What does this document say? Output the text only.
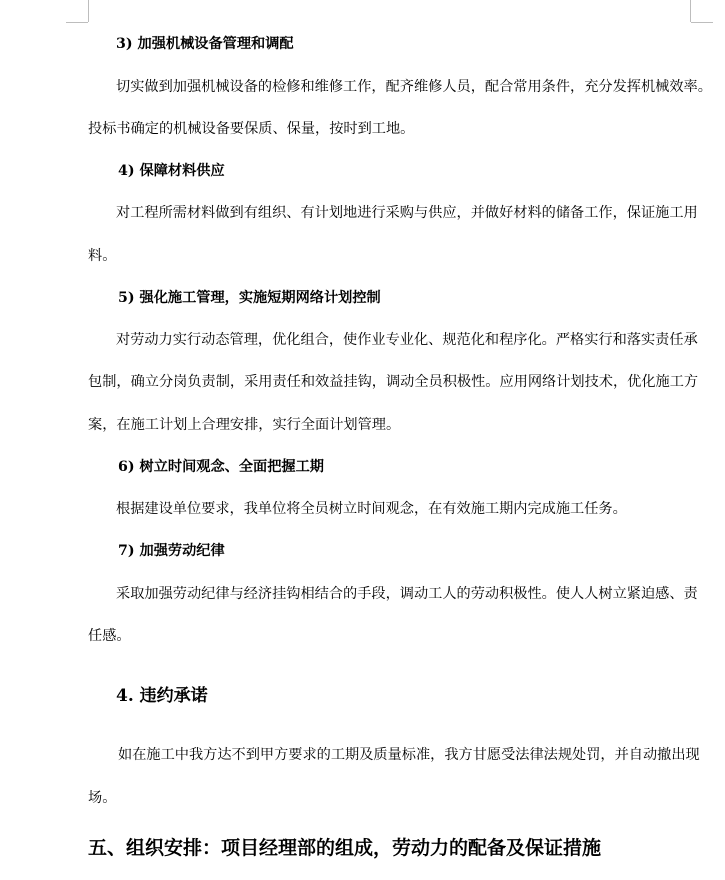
3) 加强机械设备管理和调配
切实做到加强机械设备的检修和维修工作，配齐维修人员，配合常用条件，充分发挥机械效率。
投标书确定的机械设备要保质、保量，按时到工地。
4) 保障材料供应
对工程所需材料做到有组织、有计划地进行采购与供应，并做好材料的储备工作，保证施工用
料。
5) 强化施工管理，实施短期网络计划控制
对劳动力实行动态管理，优化组合，使作业专业化、规范化和程序化。严格实行和落实责任承
包制，确立分岗负责制，采用责任和效益挂钩，调动全员积极性。应用网络计划技术，优化施工方
案，在施工计划上合理安排，实行全面计划管理。
6) 树立时间观念、全面把握工期
根据建设单位要求，我单位将全员树立时间观念，在有效施工期内完成施工任务。
7) 加强劳动纪律
采取加强劳动纪律与经济挂钩相结合的手段，调动工人的劳动积极性。使人人树立紧迫感、责
任感。
4. 违约承诺
如在施工中我方达不到甲方要求的工期及质量标准，我方甘愿受法律法规处罚，并自动撤出现
场。
五、组织安排：项目经理部的组成，劳动力的配备及保证措施
